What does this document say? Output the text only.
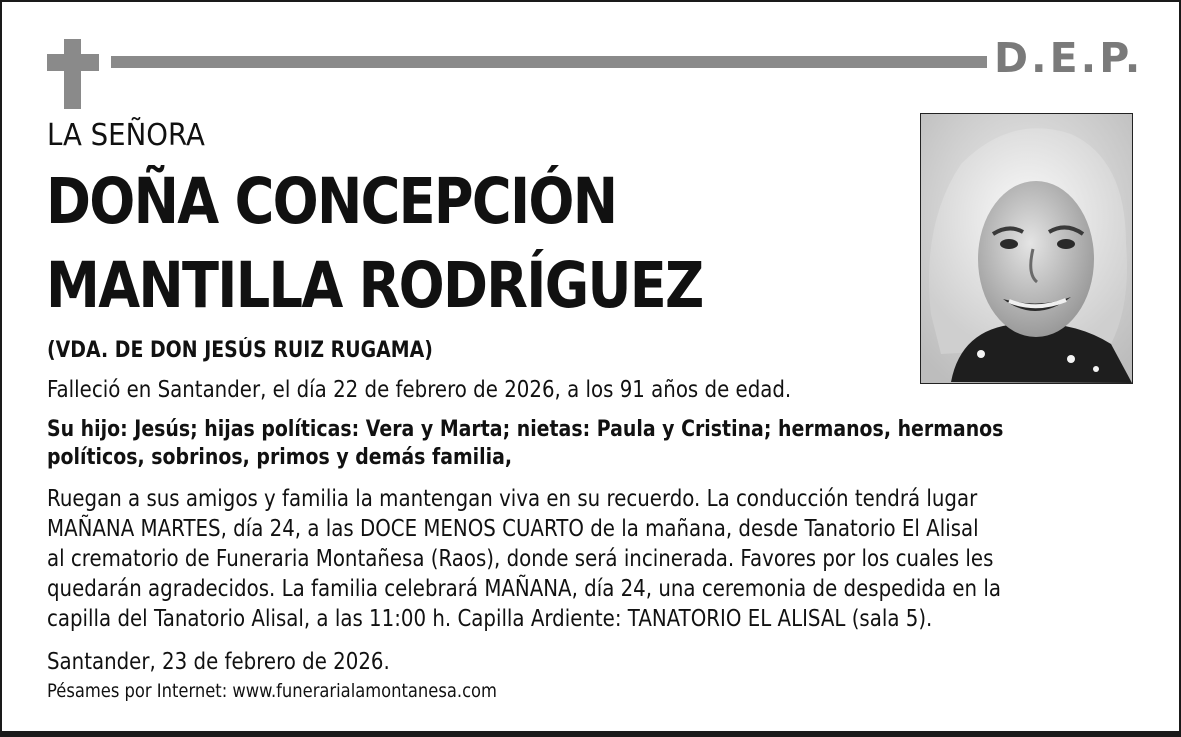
D.E.P.
LA SEÑORA
DOÑA CONCEPCIÓN
MANTILLA RODRÍGUEZ
(VDA. DE DON JESÚS RUIZ RUGAMA)
Falleció en Santander, el día 22 de febrero de 2026, a los 91 años de edad.
Su hijo: Jesús; hijas políticas: Vera y Marta; nietas: Paula y Cristina; hermanos, hermanos políticos, sobrinos, primos y demás familia,
Ruegan a sus amigos y familia la mantengan viva en su recuerdo. La conducción tendrá lugar
MAÑANA MARTES, día 24, a las DOCE MENOS CUARTO de la mañana, desde Tanatorio El Alisal
al crematorio de Funeraria Montañesa (Raos), donde será incinerada. Favores por los cuales les
quedarán agradecidos. La familia celebrará MAÑANA, día 24, una ceremonia de despedida en la
capilla del Tanatorio Alisal, a las 11:00 h. Capilla Ardiente: TANATORIO EL ALISAL (sala 5).
Santander, 23 de febrero de 2026.
Pésames por Internet: www.funerarialamontanesa.com
